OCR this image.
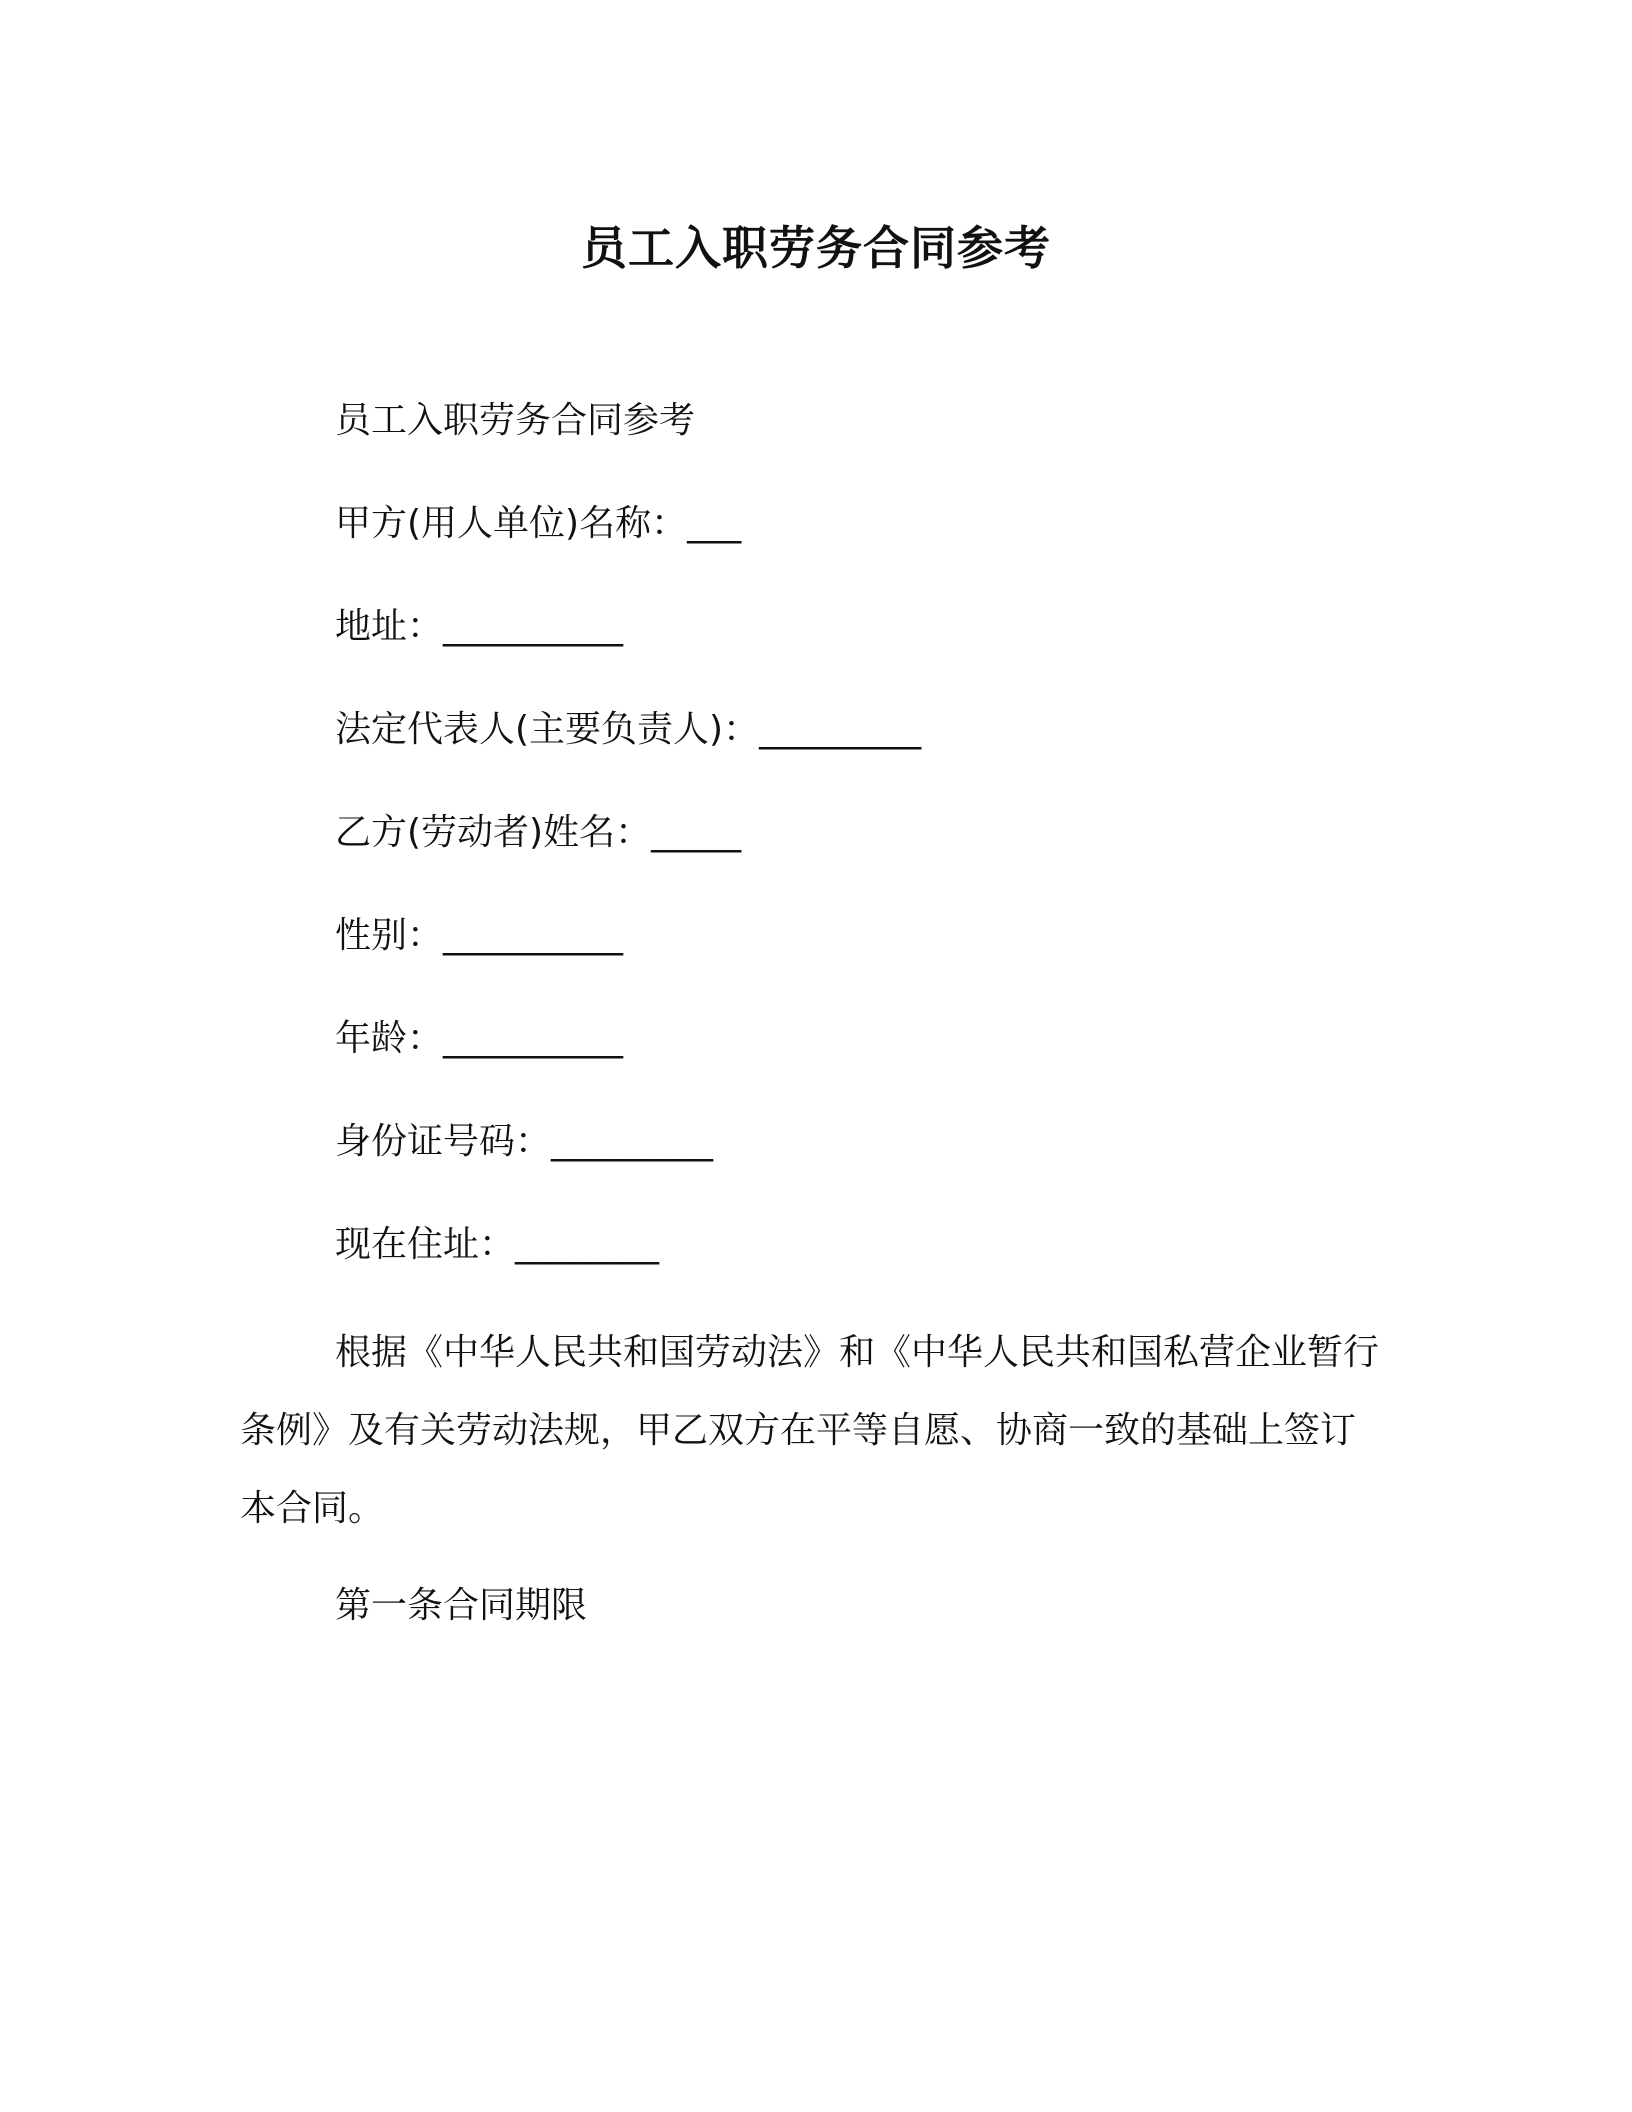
员工入职劳务合同参考
员工入职劳务合同参考
甲方(用人单位)名称：___
地址：__________
法定代表人(主要负责人)：_________
乙方(劳动者)姓名：_____
性别：__________
年龄：__________
身份证号码：_________
现在住址：________
根据《中华人民共和国劳动法》和《中华人民共和国私营企业暂行条例》及有关劳动法规，甲乙双方在平等自愿、协商一致的基础上签订本合同。
第一条合同期限
